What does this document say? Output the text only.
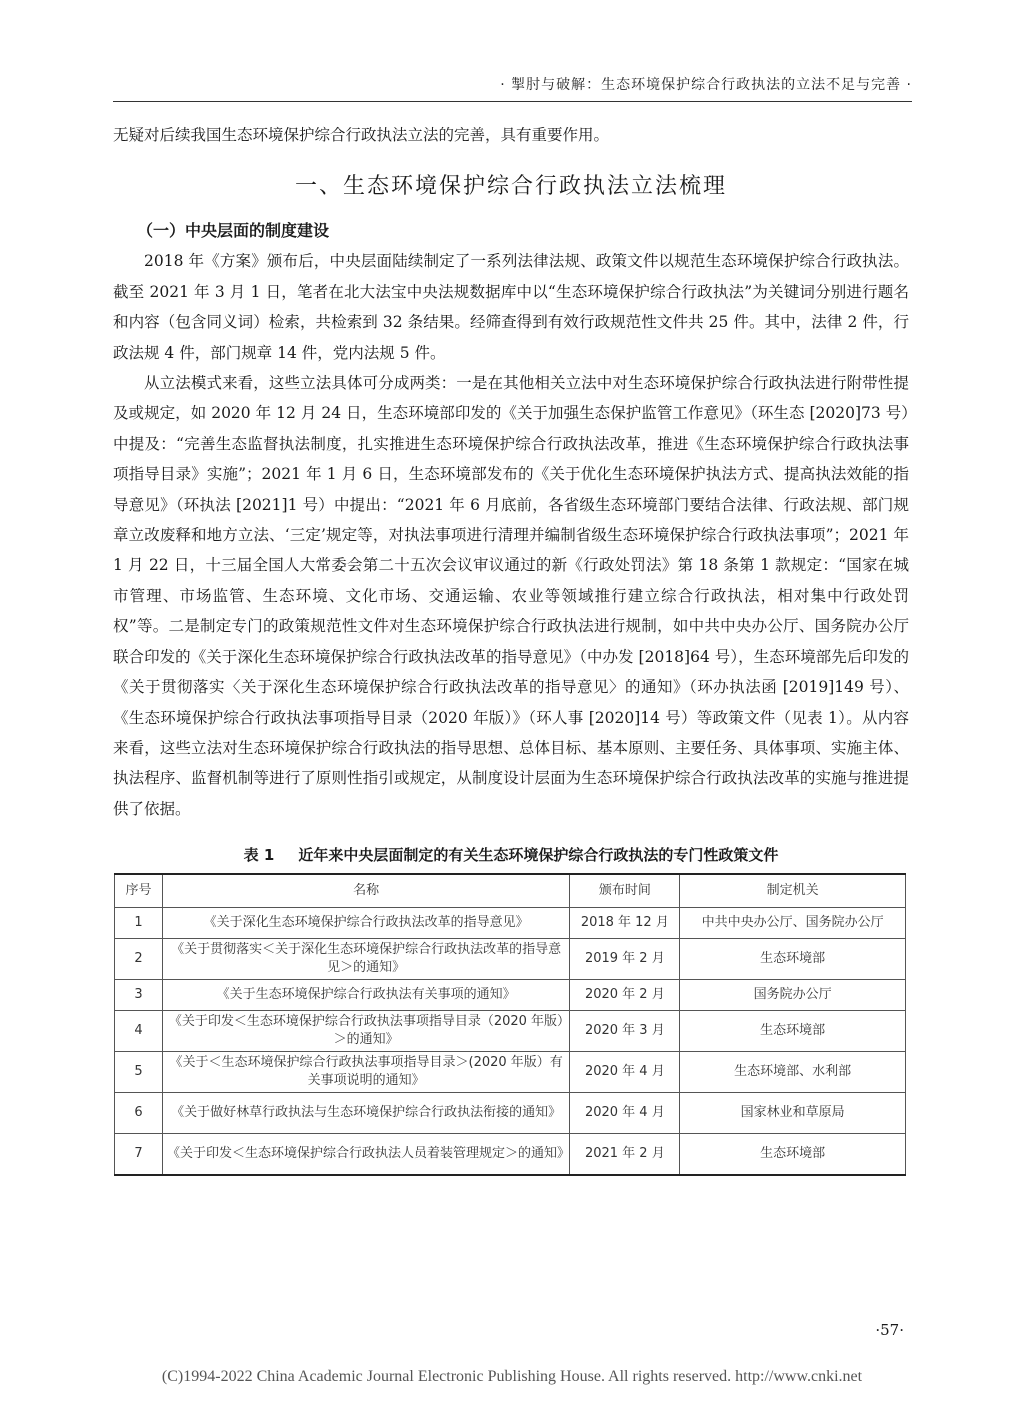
· 掣肘与破解：生态环境保护综合行政执法的立法不足与完善 ·

无疑对后续我国生态环境保护综合行政执法立法的完善，具有重要作用。

一、生态环境保护综合行政执法立法梳理
（一）中央层面的制度建设

2018 年《方案》颁布后，中央层面陆续制定了一系列法律法规、政策文件以规范生态环境保护综合行政执法。截至 2021 年 3 月 1 日，笔者在北大法宝中央法规数据库中以“生态环境保护综合行政执法”为关键词分别进行题名和内容（包含同义词）检索，共检索到 32 条结果。经筛查得到有效行政规范性文件共 25 件。其中，法律 2 件，行政法规 4 件，部门规章 14 件，党内法规 5 件。

从立法模式来看，这些立法具体可分成两类：一是在其他相关立法中对生态环境保护综合行政执法进行附带性提及或规定，如 2020 年 12 月 24 日，生态环境部印发的《关于加强生态保护监管工作意见》（环生态 [2020]73 号）中提及：“完善生态监督执法制度，扎实推进生态环境保护综合行政执法改革，推进《生态环境保护综合行政执法事项指导目录》实施”；2021 年 1 月 6 日，生态环境部发布的《关于优化生态环境保护执法方式、提高执法效能的指导意见》（环执法 [2021]1 号）中提出：“2021 年 6 月底前，各省级生态环境部门要结合法律、行政法规、部门规章立改废释和地方立法、‘三定’规定等，对执法事项进行清理并编制省级生态环境保护综合行政执法事项”；2021 年 1 月 22 日，十三届全国人大常委会第二十五次会议审议通过的新《行政处罚法》第 18 条第 1 款规定：“国家在城市管理、市场监管、生态环境、文化市场、交通运输、农业等领域推行建立综合行政执法，相对集中行政处罚权”等。二是制定专门的政策规范性文件对生态环境保护综合行政执法进行规制，如中共中央办公厅、国务院办公厅联合印发的《关于深化生态环境保护综合行政执法改革的指导意见》（中办发 [2018]64 号），生态环境部先后印发的《关于贯彻落实〈关于深化生态环境保护综合行政执法改革的指导意见〉的通知》（环办执法函 [2019]149 号）、《生态环境保护综合行政执法事项指导目录（2020 年版）》（环人事 [2020]14 号）等政策文件（见表 1）。从内容来看，这些立法对生态环境保护综合行政执法的指导思想、总体目标、基本原则、主要任务、具体事项、实施主体、执法程序、监督机制等进行了原则性指引或规定，从制度设计层面为生态环境保护综合行政执法改革的实施与推进提供了依据。

表 1 近年来中央层面制定的有关生态环境保护综合行政执法的专门性政策文件
序号	名称	颁布时间	制定机关
1	《关于深化生态环境保护综合行政执法改革的指导意见》	2018 年 12 月	中共中央办公厅、国务院办公厅
2	《关于贯彻落实＜关于深化生态环境保护综合行政执法改革的指导意见＞的通知》	2019 年 2 月	生态环境部
3	《关于生态环境保护综合行政执法有关事项的通知》	2020 年 2 月	国务院办公厅
4	《关于印发＜生态环境保护综合行政执法事项指导目录（2020 年版）＞的通知》	2020 年 3 月	生态环境部
5	《关于＜生态环境保护综合行政执法事项指导目录＞(2020 年版）有关事项说明的通知》	2020 年 4 月	生态环境部、水利部
6	《关于做好林草行政执法与生态环境保护综合行政执法衔接的通知》	2020 年 4 月	国家林业和草原局
7	《关于印发＜生态环境保护综合行政执法人员着装管理规定＞的通知》	2021 年 2 月	生态环境部
·57·
(C)1994-2022 China Academic Journal Electronic Publishing House. All rights reserved. http://www.cnki.net
